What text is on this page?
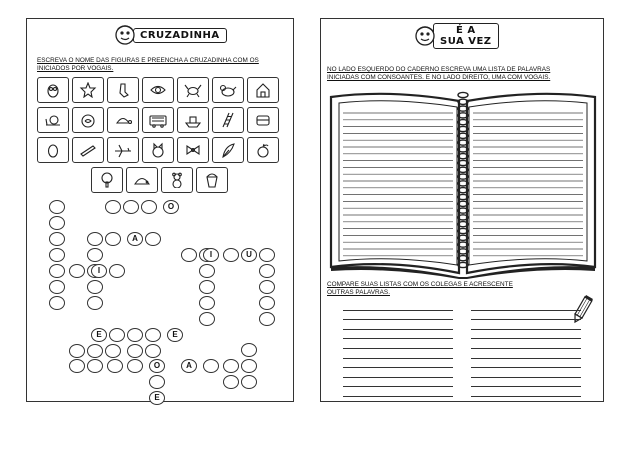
CRUZADINHA
ESCREVA O NOME DAS FIGURAS E PREENCHA A CRUZADINHA COM OS
INICIADOS POR VOGAIS.
O
A
I
I	U
E	E
O
E
A
É A
SUA VEZ
NO LADO ESQUERDO DO CADERNO ESCREVA UMA LISTA DE PALAVRAS
INICIADAS COM CONSOANTES. E NO LADO DIREITO, UMA COM VOGAIS.
COMPARE SUAS LISTAS COM OS COLEGAS E ACRESCENTE
OUTRAS PALAVRAS.
